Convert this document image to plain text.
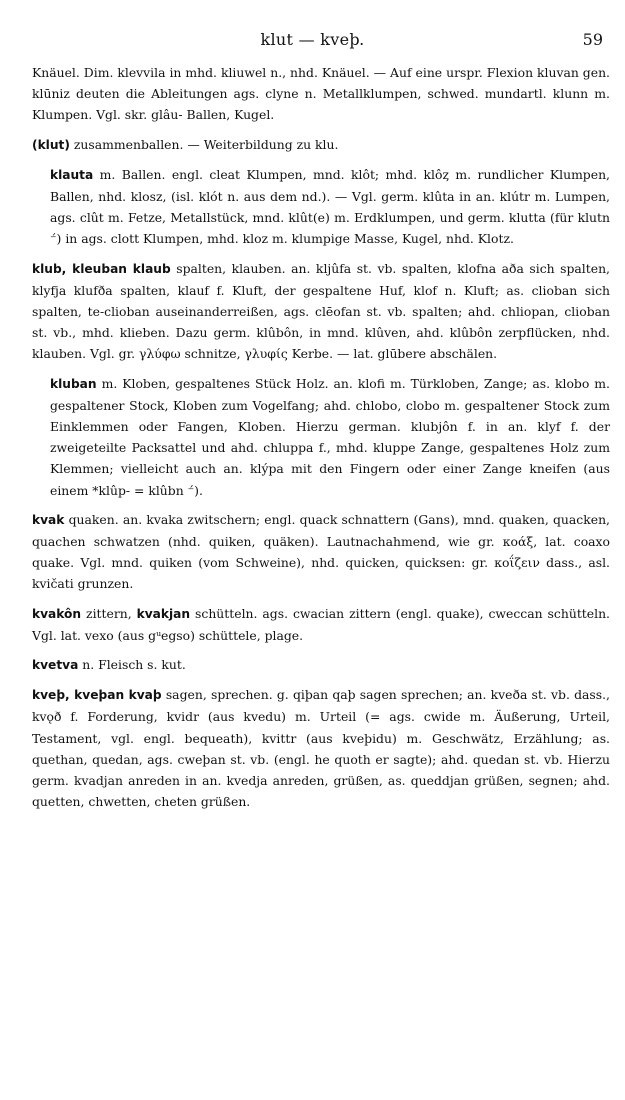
klut — kveþ.	59

Knäuel. Dim. klevvila in mhd. kliuwel n., nhd. Knäuel. — Auf eine urspr. Flexion kluvan gen. klūniz deuten die Ableitungen ags. clyne n. Metallklumpen, schwed. mundartl. klunn m. Klumpen. Vgl. skr. glâu- Ballen, Kugel.

(klut) zusammenballen. — Weiterbildung zu klu.

klauta m. Ballen. engl. cleat Klumpen, mnd. klôt; mhd. klôȥ m. rundlicher Klumpen, Ballen, nhd. klosz, (isl. klót n. aus dem nd.). — Vgl. germ. klûta in an. klútr m. Lumpen, ags. clût m. Fetze, Metallstück, mnd. klût(e) m. Erdklumpen, und germ. klutta (für klutn ⁻́) in ags. clott Klumpen, mhd. kloz m. klumpige Masse, Kugel, nhd. Klotz.

klub, kleuban klaub spalten, klauben. an. kljûfa st. vb. spalten, klofna aða sich spalten, klyfja klufða spalten, klauf f. Kluft, der gespaltene Huf, klof n. Kluft; as. clioban sich spalten, te-clioban auseinanderreißen, ags. clēofan st. vb. spalten; ahd. chliopan, clioban st. vb., mhd. klieben. Dazu germ. klûbôn, in mnd. klûven, ahd. klûbôn zerpflücken, nhd. klauben. Vgl. gr. γλύφω schnitze, γλυφίς Kerbe. — lat. glūbere abschälen.

kluban m. Kloben, gespaltenes Stück Holz. an. klofi m. Türkloben, Zange; as. klobo m. gespaltener Stock, Kloben zum Vogelfang; ahd. chlobo, clobo m. gespaltener Stock zum Einklemmen oder Fangen, Kloben. Hierzu german. klubjôn f. in an. klyf f. der zweigeteilte Packsattel und ahd. chluppa f., mhd. kluppe Zange, gespaltenes Holz zum Klemmen; vielleicht auch an. klýpa mit den Fingern oder einer Zange kneifen (aus einem *klûp- = klûbn ⁻́).

kvak quaken. an. kvaka zwitschern; engl. quack schnattern (Gans), mnd. quaken, quacken, quachen schwatzen (nhd. quiken, quäken). Lautnachahmend, wie gr. κοάξ, lat. coaxo quake. Vgl. mnd. quiken (vom Schweine), nhd. quicken, quicksen: gr. κοΐζειν dass., asl. kvičati grunzen.

kvakôn zittern, kvakjan schütteln. ags. cwacian zittern (engl. quake), cweccan schütteln. Vgl. lat. vexo (aus gᵘegso) schüttele, plage.

kvetva n. Fleisch s. kut.

kveþ, kveþan kvaþ sagen, sprechen. g. qiþan qaþ sagen sprechen; an. kveða st. vb. dass., kvǫð f. Forderung, kvidr (aus kvedu) m. Urteil (= ags. cwide m. Äußerung, Urteil, Testament, vgl. engl. bequeath), kvittr (aus kveþidu) m. Geschwätz, Erzählung; as. quethan, quedan, ags. cweþan st. vb. (engl. he quoth er sagte); ahd. quedan st. vb. Hierzu germ. kvadjan anreden in an. kvedja anreden, grüßen, as. queddjan grüßen, segnen; ahd. quetten, chwetten, cheten grüßen.
